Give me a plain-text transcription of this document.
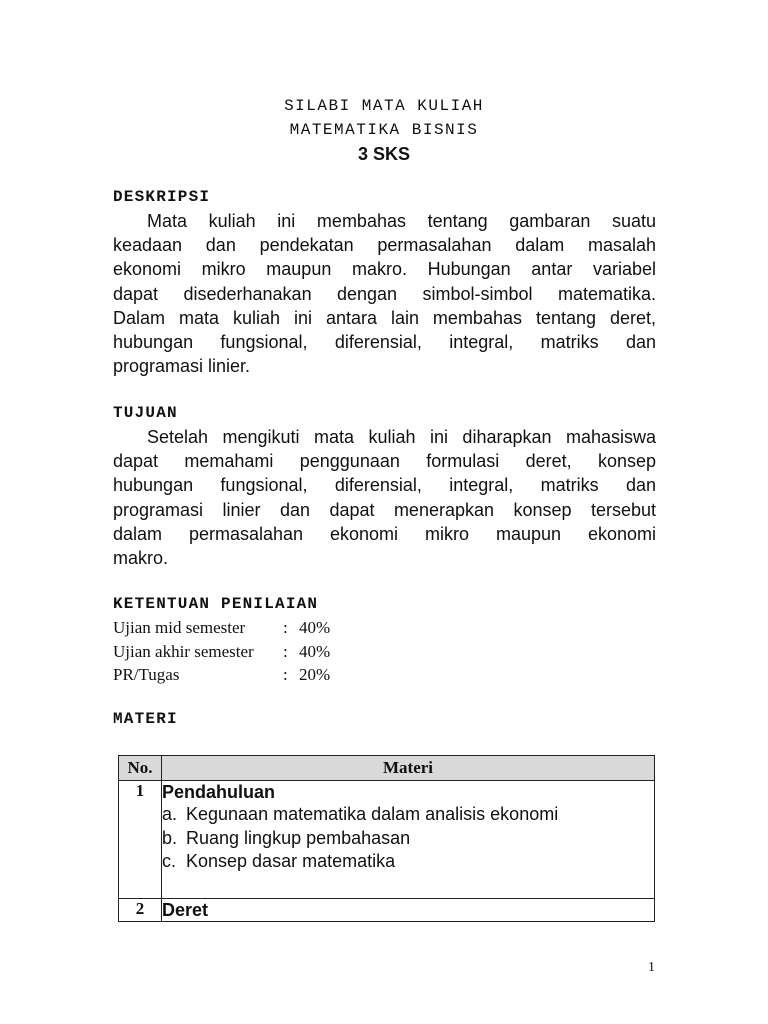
SILABI MATA KULIAH
MATEMATIKA BISNIS
3 SKS
DESKRIPSI
Mata kuliah ini membahas tentang gambaran suatu
keadaan dan pendekatan permasalahan dalam masalah
ekonomi mikro maupun makro. Hubungan antar variabel
dapat disederhanakan dengan simbol-simbol matematika.
Dalam mata kuliah ini antara lain membahas tentang deret,
hubungan fungsional, diferensial, integral, matriks dan
programasi linier.
TUJUAN
Setelah mengikuti mata kuliah ini diharapkan mahasiswa
dapat memahami penggunaan formulasi deret, konsep
hubungan fungsional, diferensial, integral, matriks dan
programasi linier dan dapat menerapkan konsep tersebut
dalam permasalahan ekonomi mikro maupun ekonomi
makro.
KETENTUAN PENILAIAN
Ujian mid semester	: 40%
Ujian akhir semester	: 40%
PR/Tugas	: 20%
MATERI
No.	Materi
1	Pendahuluan
a. Kegunaan matematika dalam analisis ekonomi
b. Ruang lingkup pembahasan
c. Konsep dasar matematika

2	Deret
1
